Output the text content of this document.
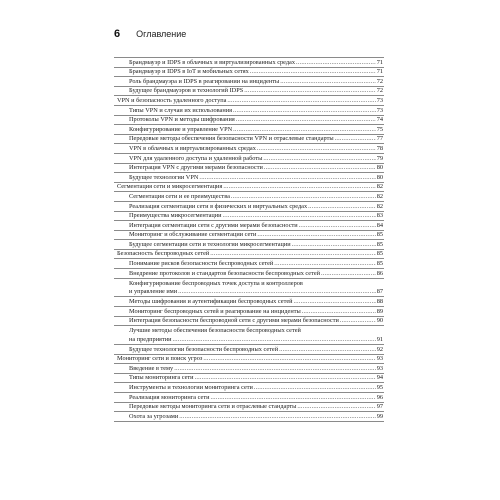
6 Оглавление
Брандмауэр и IDPS в облачных и виртуализированных средах .....	71
Брандмауэр и IDPS в IoT и мобильных сетях .....	71
Роль брандмауэра и IDPS в реагировании на инциденты .....	72
Будущее брандмауэров и технологий IDPS .....	72
VPN и безопасность удаленного доступа .....	73
Типы VPN и случаи их использования .....	73
Протоколы VPN и методы шифрования .....	74
Конфигурирование и управление VPN .....	75
Передовые методы обеспечения безопасности VPN и отраслевые стандарты .....	77
VPN в облачных и виртуализированных средах .....	78
VPN для удаленного доступа и удаленной работы .....	79
Интеграция VPN с другими мерами безопасности .....	80
Будущее технологии VPN .....	80
Сегментация сети и микросегментация .....	82
Сегментация сети и ее преимущества .....	82
Реализация сегментации сети в физических и виртуальных средах .....	82
Преимущества микросегментации .....	83
Интеграция сегментации сети с другими мерами безопасности .....	84
Мониторинг и обслуживание сегментации сети .....	85
Будущее сегментации сети и технологии микросегментации .....	85
Безопасность беспроводных сетей .....	85
Понимание рисков безопасности беспроводных сетей .....	85
Внедрение протоколов и стандартов безопасности беспроводных сетей .....	86
Конфигурирование беспроводных точек доступа и контроллеров
и управление ими .....	87
Методы шифрования и аутентификации беспроводных сетей .....	88
Мониторинг беспроводных сетей и реагирование на инциденты .....	89
Интеграция безопасности беспроводной сети с другими мерами безопасности .....	90
Лучшие методы обеспечения безопасности беспроводных сетей
на предприятии .....	91
Будущее технологии безопасности беспроводных сетей .....	92
Мониторинг сети и поиск угроз .....	93
Введение в тему .....	93
Типы мониторинга сети .....	94
Инструменты и технологии мониторинга сети .....	95
Реализация мониторинга сети .....	96
Передовые методы мониторинга сети и отраслевые стандарты .....	97
Охота за угрозами .....	99
